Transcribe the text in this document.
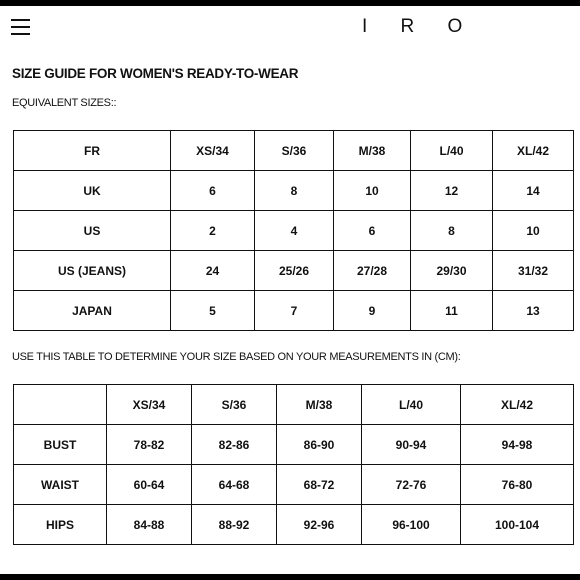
I R O
SIZE GUIDE FOR WOMEN'S READY-TO-WEAR
EQUIVALENT SIZES::
FR	XS/34	S/36	M/38	L/40	XL/42
UK	6	8	10	12	14
US	2	4	6	8	10
US (JEANS)	24	25/26	27/28	29/30	31/32
JAPAN	5	7	9	11	13
USE THIS TABLE TO DETERMINE YOUR SIZE BASED ON YOUR MEASUREMENTS IN (CM):
	XS/34	S/36	M/38	L/40	XL/42
BUST	78-82	82-86	86-90	90-94	94-98
WAIST	60-64	64-68	68-72	72-76	76-80
HIPS	84-88	88-92	92-96	96-100	100-104
